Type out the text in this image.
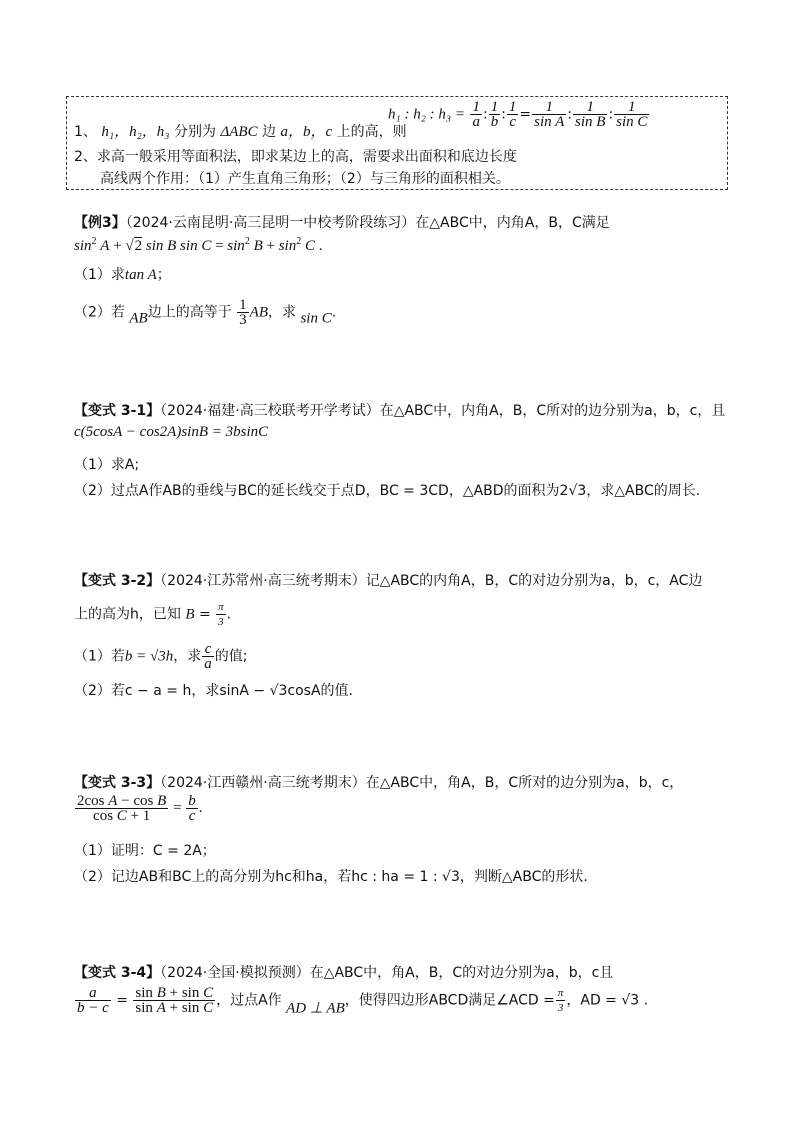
1、 h₁，h₂，h₃ 分别为 ΔABC 边 a，b，c 上的高，则
h₁ : h₂ : $h_3 = \frac{1}{a}$ : $\frac{1}{b}$ : $\frac{1}{c} = \frac{1}{\text{sin A}}$ : $\frac{1}{\text{sin B}}$ : $\frac{1}{\text{sin C}}$
2、求高一般采用等面积法，即求某边上的高，需要求出面积和底边长度
高线两个作用：（1）产生直角三角形；（2）与三角形的面积相关。
【例3】（2024·云南昆明·高三昆明一中校考阶段练习）在△ABC中，内角A，B，C满足
$\sin^2 A + √2$ sin B $\sin C = \sin^2 B + \sin^2 C$ .
（1）求tan A；
（2）若 AB边上的高等于 $\frac{1}{3}$ AB，求 sin C.
【变式 3-1】（2024·福建·高三校联考开学考试）在△ABC中，内角A，B，C所对的边分别为a，b，c，且
c(5cosA − cos2A)sinB = 3bsinC
（1）求A;
（2）过点A作AB的垂线与BC的延长线交于点D，BC = 3CD，△ABD的面积为2√3，求△ABC的周长.
【变式 3-2】（2024·江苏常州·高三统考期末）记△ABC的内角A，B，C的对边分别为a，b，c，AC边
上的高为h，已知 $B = \frac{\pi}{3}$ .
（1）若b = √3h，求 $\frac{c}{a}$ 的值;
（2）若c − a = h，求sinA − √3cosA的值.
【变式 3-3】（2024·江西赣州·高三统考期末）在△ABC中，角A，B，C所对的边分别为a，b，c，
$\frac{\text{2cos A − cos B}}{\text{cos C + 1}} = \frac{b}{c}$ .
（1）证明：C = 2A；
（2）记边AB和BC上的高分别为hc和ha，若hc : ha = 1 : √3，判断△ABC的形状.
【变式 3-4】（2024·全国·模拟预测）在△ABC中，角A，B，C的对边分别为a，b，c且
$\frac{a}{b - c} = \frac{\text{sin B + sin C}}{\text{sin A + sin C}}$ ，过点A作 AD ⊥ AB，使得四边形ABCD满足∠ACD = $\frac{\pi}{3}$ ，AD = √3 .
